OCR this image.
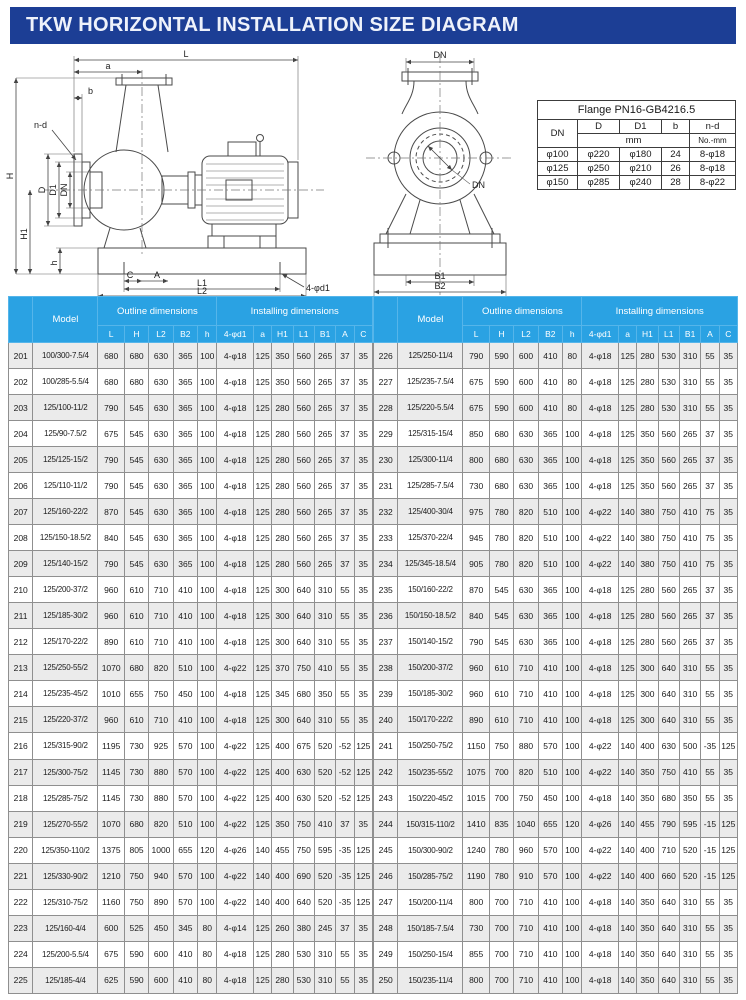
TKW HORIZONTAL INSTALLATION SIZE DIAGRAM
L
a
b
n-d
D D1 DN
H
H1
h
C A
L1
L2	4-φd1
DN
DN
B1
B2
Flange PN16-GB4216.5				
DN	D	D1	b	n-d
	mm			No.-mm
φ100	φ220	φ180	24	8-φ18
φ125	φ250	φ210	26	8-φ18
φ150	φ285	φ240	28	8-φ22
	Model	Outline dimensions					Installing dimensions						
		L	H	L2	B2	h	4-φd1	a	H1	L1	B1	A	C
201	100/300-7.5/4	680	680	630	365	100	4-φ18	125	350	560	265	37	35
202	100/285-5.5/4	680	680	630	365	100	4-φ18	125	350	560	265	37	35
203	125/100-11/2	790	545	630	365	100	4-φ18	125	280	560	265	37	35
204	125/90-7.5/2	675	545	630	365	100	4-φ18	125	280	560	265	37	35
205	125/125-15/2	790	545	630	365	100	4-φ18	125	280	560	265	37	35
206	125/110-11/2	790	545	630	365	100	4-φ18	125	280	560	265	37	35
207	125/160-22/2	870	545	630	365	100	4-φ18	125	280	560	265	37	35
208	125/150-18.5/2	840	545	630	365	100	4-φ18	125	280	560	265	37	35
209	125/140-15/2	790	545	630	365	100	4-φ18	125	280	560	265	37	35
210	125/200-37/2	960	610	710	410	100	4-φ18	125	300	640	310	55	35
211	125/185-30/2	960	610	710	410	100	4-φ18	125	300	640	310	55	35
212	125/170-22/2	890	610	710	410	100	4-φ18	125	300	640	310	55	35
213	125/250-55/2	1070	680	820	510	100	4-φ22	125	370	750	410	55	35
214	125/235-45/2	1010	655	750	450	100	4-φ18	125	345	680	350	55	35
215	125/220-37/2	960	610	710	410	100	4-φ18	125	300	640	310	55	35
216	125/315-90/2	1195	730	925	570	100	4-φ22	125	400	675	520	-52	125
217	125/300-75/2	1145	730	880	570	100	4-φ22	125	400	630	520	-52	125
218	125/285-75/2	1145	730	880	570	100	4-φ22	125	400	630	520	-52	125
219	125/270-55/2	1070	680	820	510	100	4-φ22	125	350	750	410	37	35
220	125/350-110/2	1375	805	1000	655	120	4-φ26	140	455	750	595	-35	125
221	125/330-90/2	1210	750	940	570	100	4-φ22	140	400	690	520	-35	125
222	125/310-75/2	1160	750	890	570	100	4-φ22	140	400	640	520	-35	125
223	125/160-4/4	600	525	450	345	80	4-φ14	125	260	380	245	37	35
224	125/200-5.5/4	675	590	600	410	80	4-φ18	125	280	530	310	55	35
225	125/185-4/4	625	590	600	410	80	4-φ18	125	280	530	310	55	35
	Model	Outline dimensions					Installing dimensions						
		L	H	L2	B2	h	4-φd1	a	H1	L1	B1	A	C
226	125/250-11/4	790	590	600	410	80	4-φ18	125	280	530	310	55	35
227	125/235-7.5/4	675	590	600	410	80	4-φ18	125	280	530	310	55	35
228	125/220-5.5/4	675	590	600	410	80	4-φ18	125	280	530	310	55	35
229	125/315-15/4	850	680	630	365	100	4-φ18	125	350	560	265	37	35
230	125/300-11/4	800	680	630	365	100	4-φ18	125	350	560	265	37	35
231	125/285-7.5/4	730	680	630	365	100	4-φ18	125	350	560	265	37	35
232	125/400-30/4	975	780	820	510	100	4-φ22	140	380	750	410	75	35
233	125/370-22/4	945	780	820	510	100	4-φ22	140	380	750	410	75	35
234	125/345-18.5/4	905	780	820	510	100	4-φ22	140	380	750	410	75	35
235	150/160-22/2	870	545	630	365	100	4-φ18	125	280	560	265	37	35
236	150/150-18.5/2	840	545	630	365	100	4-φ18	125	280	560	265	37	35
237	150/140-15/2	790	545	630	365	100	4-φ18	125	280	560	265	37	35
238	150/200-37/2	960	610	710	410	100	4-φ18	125	300	640	310	55	35
239	150/185-30/2	960	610	710	410	100	4-φ18	125	300	640	310	55	35
240	150/170-22/2	890	610	710	410	100	4-φ18	125	300	640	310	55	35
241	150/250-75/2	1150	750	880	570	100	4-φ22	140	400	630	500	-35	125
242	150/235-55/2	1075	700	820	510	100	4-φ22	140	350	750	410	55	35
243	150/220-45/2	1015	700	750	450	100	4-φ18	140	350	680	350	55	35
244	150/315-110/2	1410	835	1040	655	120	4-φ26	140	455	790	595	-15	125
245	150/300-90/2	1240	780	960	570	100	4-φ22	140	400	710	520	-15	125
246	150/285-75/2	1190	780	910	570	100	4-φ22	140	400	660	520	-15	125
247	150/200-11/4	800	700	710	410	100	4-φ18	140	350	640	310	55	35
248	150/185-7.5/4	730	700	710	410	100	4-φ18	140	350	640	310	55	35
249	150/250-15/4	855	700	710	410	100	4-φ18	140	350	640	310	55	35
250	150/235-11/4	800	700	710	410	100	4-φ18	140	350	640	310	55	35
